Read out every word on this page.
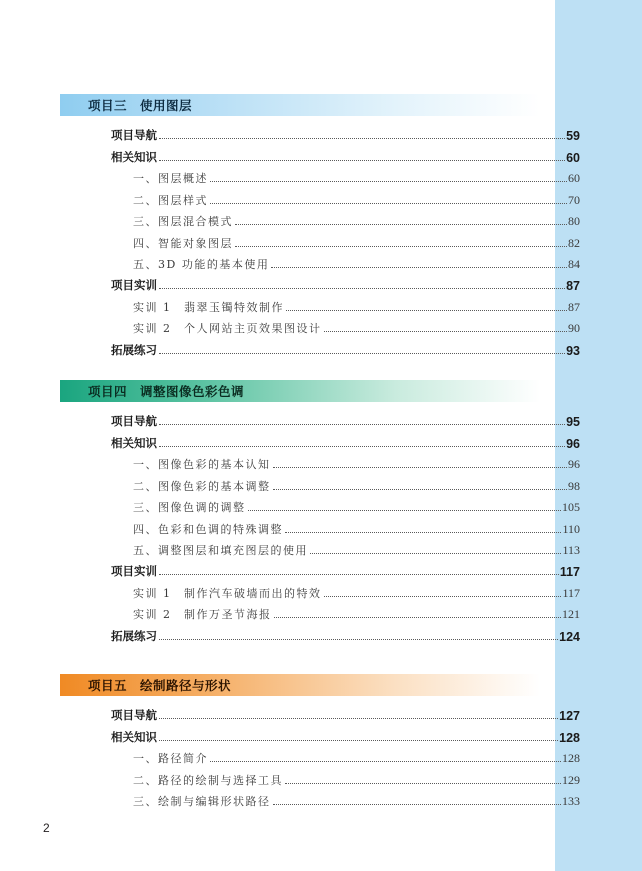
项目三　使用图层
项目导航	59
相关知识	60
一、图层概述	60
二、图层样式	70
三、图层混合模式	80
四、智能对象图层	82
五、3D 功能的基本使用	84
项目实训	87
实训 1　翡翠玉镯特效制作	87
实训 2　个人网站主页效果图设计	90
拓展练习	93
项目四　调整图像色彩色调
项目导航	95
相关知识	96
一、图像色彩的基本认知	96
二、图像色彩的基本调整	98
三、图像色调的调整	105
四、色彩和色调的特殊调整	110
五、调整图层和填充图层的使用	113
项目实训	117
实训 1　制作汽车破墙而出的特效	117
实训 2　制作万圣节海报	121
拓展练习	124
项目五　绘制路径与形状
项目导航	127
相关知识	128
一、路径简介	128
二、路径的绘制与选择工具	129
三、绘制与编辑形状路径	133
2
